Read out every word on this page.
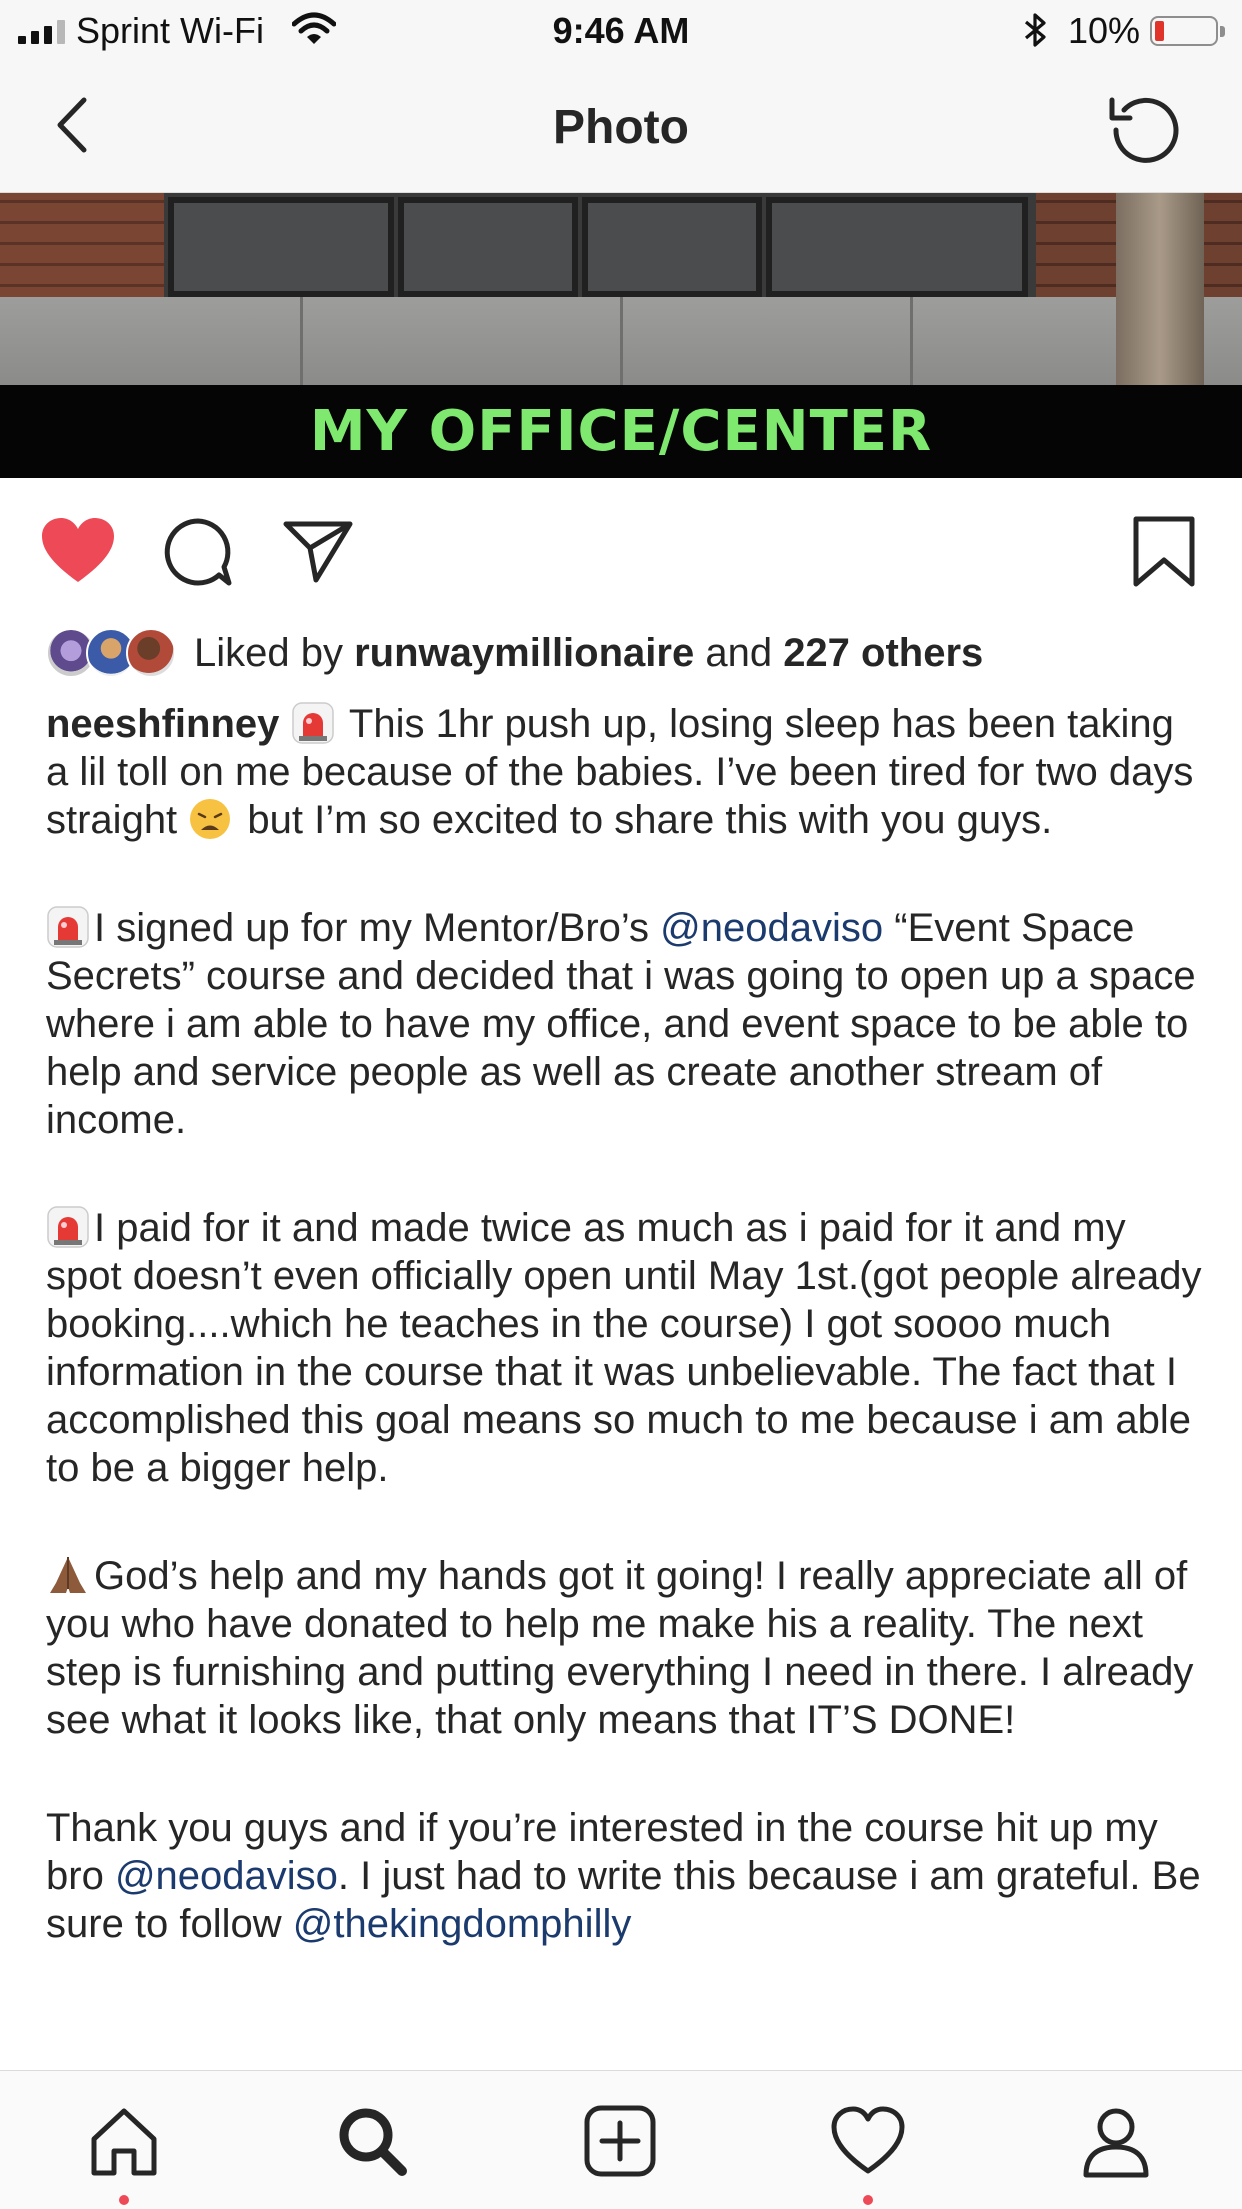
Sprint Wi-Fi	9:46 AM	10%
Photo
MY OFFICE/CENTER
Liked by runwaymillionaire and 227 others

neeshfinney  This 1hr push up, losing sleep has been taking a lil toll on me because of the babies. I’ve been tired for two days straight  but I’m so excited to share this with you guys.

I signed up for my Mentor/Bro’s @neodaviso “Event Space Secrets” course and decided that i was going to open up a space where i am able to have my office, and event space to be able to help and service people as well as create another stream of income.

I paid for it and made twice as much as i paid for it and my spot doesn’t even officially open until May 1st.(got people already booking....which he teaches in the course) I got soooo much information in the course that it was unbelievable. The fact that I accomplished this goal means so much to me because i am able to be a bigger help.

God’s help and my hands got it going! I really appreciate all of you who have donated to help me make his a reality. The next step is furnishing and putting everything I need in there. I already see what it looks like, that only means that IT’S DONE!

Thank you guys and if you’re interested in the course hit up my bro @neodaviso. I just had to write this because i am grateful. Be sure to follow @thekingdomphilly
